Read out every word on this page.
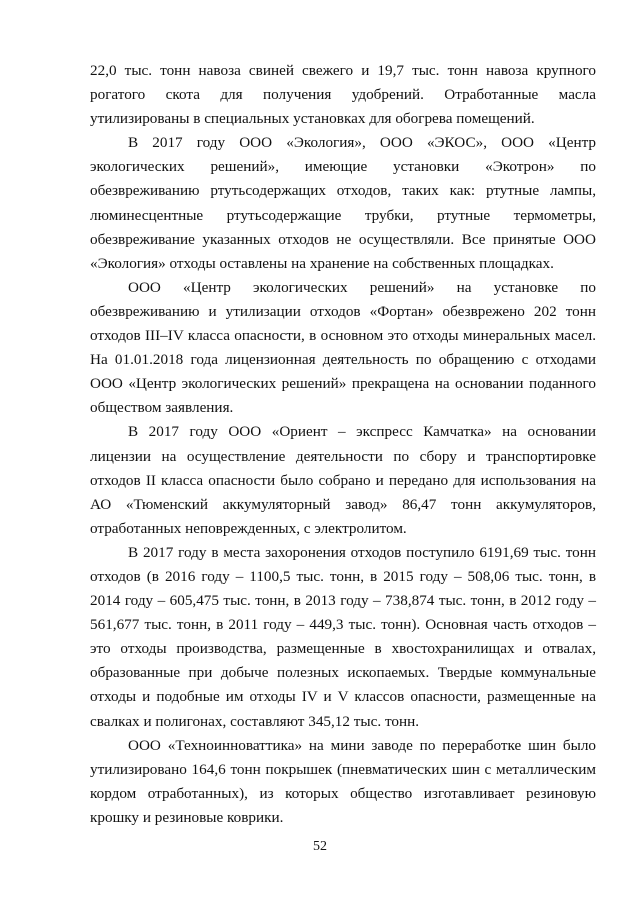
22,0 тыс. тонн навоза свиней свежего и 19,7 тыс. тонн навоза крупного рогатого скота для получения удобрений. Отработанные масла утилизированы в специальных установках для обогрева помещений.

В 2017 году ООО «Экология», ООО «ЭКОС», ООО «Центр экологических решений», имеющие установки «Экотрон» по обезвреживанию ртутьсодержащих отходов, таких как: ртутные лампы, люминесцентные ртутьсодержащие трубки, ртутные термометры, обезвреживание указанных отходов не осуществляли. Все принятые ООО «Экология» отходы оставлены на хранение на собственных площадках.

ООО «Центр экологических решений» на установке по обезвреживанию и утилизации отходов «Фортан» обезврежено 202 тонн отходов III–IV класса опасности, в основном это отходы минеральных масел. На 01.01.2018 года лицензионная деятельность по обращению с отходами ООО «Центр экологических решений» прекращена на основании поданного обществом заявления.

В 2017 году ООО «Ориент – экспресс Камчатка» на основании лицензии на осуществление деятельности по сбору и транспортировке отходов II класса опасности было собрано и передано для использования на АО «Тюменский аккумуляторный завод» 86,47 тонн аккумуляторов, отработанных неповрежденных, с электролитом.

В 2017 году в места захоронения отходов поступило 6191,69 тыс. тонн отходов (в 2016 году – 1100,5 тыс. тонн, в 2015 году – 508,06 тыс. тонн, в 2014 году – 605,475 тыс. тонн, в 2013 году – 738,874 тыс. тонн, в 2012 году – 561,677 тыс. тонн, в 2011 году – 449,3 тыс. тонн). Основная часть отходов – это отходы производства, размещенные в хвостохранилищах и отвалах, образованные при добыче полезных ископаемых. Твердые коммунальные отходы и подобные им отходы IV и V классов опасности, размещенные на свалках и полигонах, составляют 345,12 тыс. тонн.

ООО «Техноинноваттика» на мини заводе по переработке шин было утилизировано 164,6 тонн покрышек (пневматических шин с металлическим кордом отработанных), из которых общество изготавливает резиновую крошку и резиновые коврики.

52
